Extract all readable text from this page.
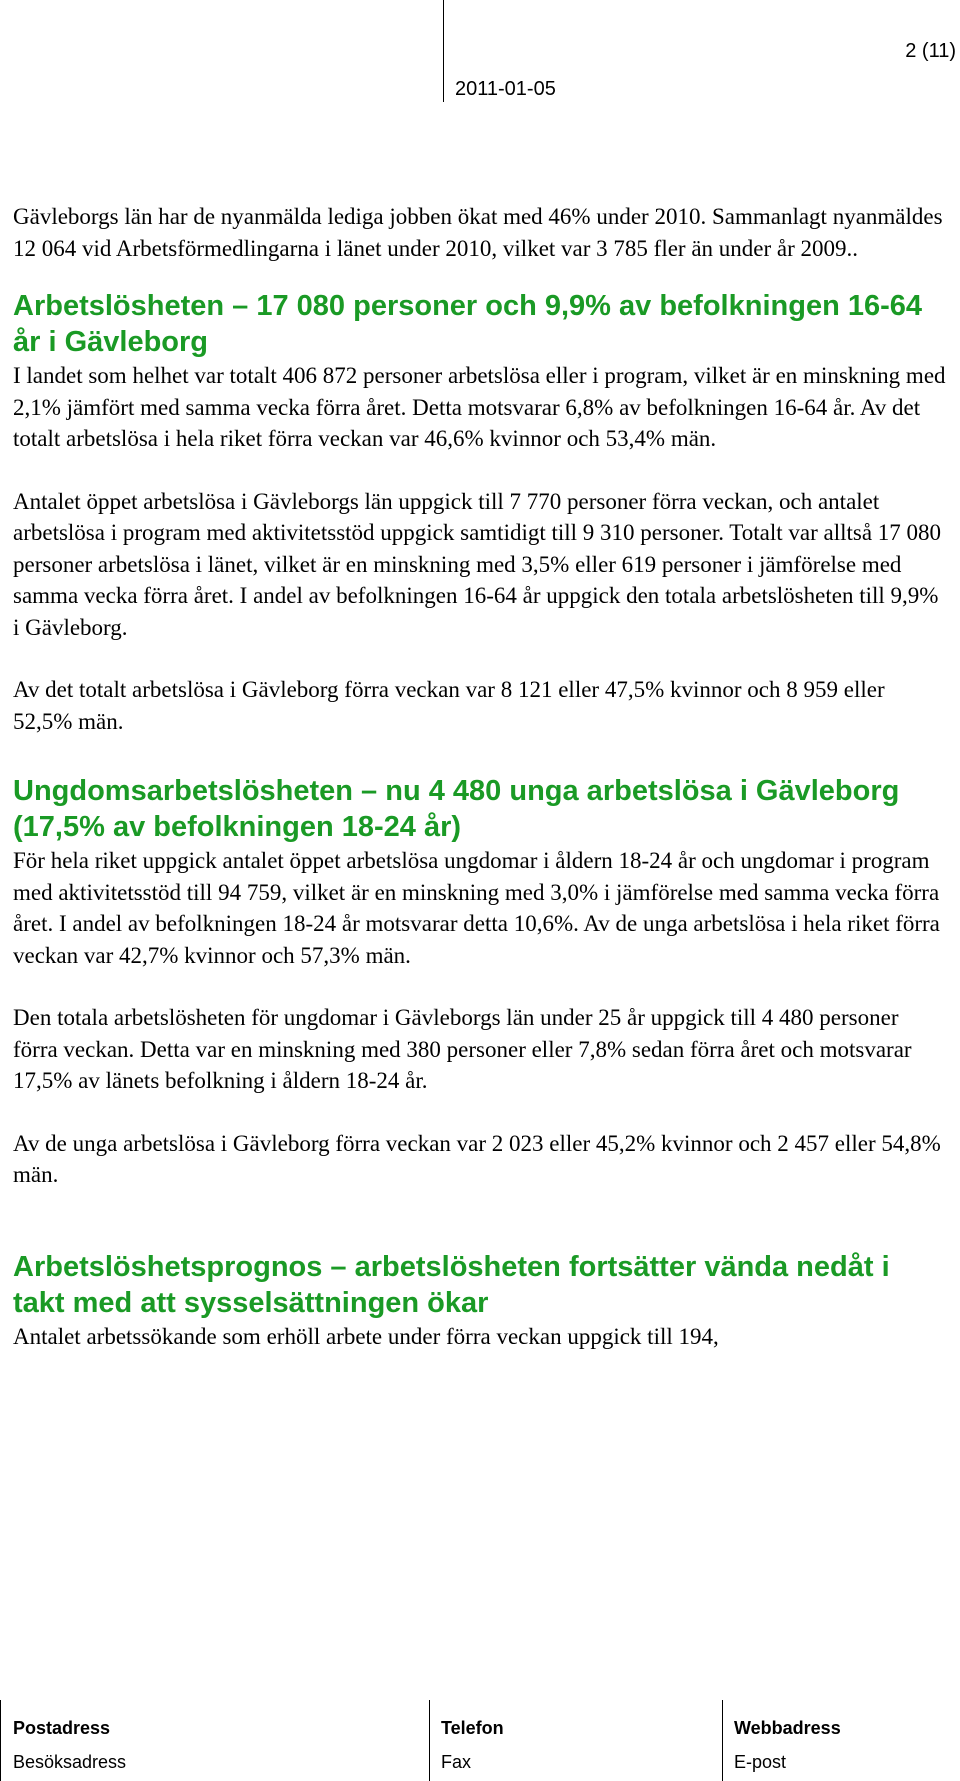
2 (11)
2011-01-05

Gävleborgs län har de nyanmälda lediga jobben ökat med 46% under 2010. Sammanlagt nyanmäldes 12 064 vid Arbetsförmedlingarna i länet under 2010, vilket var 3 785 fler än under år 2009..

Arbetslösheten – 17 080 personer och 9,9% av befolkningen 16-64 år i Gävleborg

I landet som helhet var totalt 406 872 personer arbetslösa eller i program, vilket är en minskning med 2,1% jämfört med samma vecka förra året. Detta motsvarar 6,8% av befolkningen 16-64 år. Av det totalt arbetslösa i hela riket förra veckan var 46,6% kvinnor och 53,4% män.

Antalet öppet arbetslösa i Gävleborgs län uppgick till 7 770 personer förra veckan, och antalet arbetslösa i program med aktivitetsstöd uppgick samtidigt till 9 310 personer. Totalt var alltså 17 080 personer arbetslösa i länet, vilket är en minskning med 3,5% eller 619 personer i jämförelse med samma vecka förra året. I andel av befolkningen 16-64 år uppgick den totala arbetslösheten till 9,9% i Gävleborg.

Av det totalt arbetslösa i Gävleborg förra veckan var 8 121 eller 47,5% kvinnor och 8 959 eller 52,5% män.

Ungdomsarbetslösheten – nu 4 480 unga arbetslösa i Gävleborg (17,5% av befolkningen 18-24 år)

För hela riket uppgick antalet öppet arbetslösa ungdomar i åldern 18-24 år och ungdomar i program med aktivitetsstöd till 94 759, vilket är en minskning med 3,0% i jämförelse med samma vecka förra året. I andel av befolkningen 18-24 år motsvarar detta 10,6%. Av de unga arbetslösa i hela riket förra veckan var 42,7% kvinnor och 57,3% män.

Den totala arbetslösheten för ungdomar i Gävleborgs län under 25 år uppgick till 4 480 personer förra veckan. Detta var en minskning med 380 personer eller 7,8% sedan förra året och motsvarar 17,5% av länets befolkning i åldern 18-24 år.

Av de unga arbetslösa i Gävleborg förra veckan var 2 023 eller 45,2% kvinnor och 2 457 eller 54,8% män.

Arbetslöshetsprognos – arbetslösheten fortsätter vända nedåt i takt med att sysselsättningen ökar

Antalet arbetssökande som erhöll arbete under förra veckan uppgick till 194,

Postadress
Besöksadress
Telefon
Fax
Webbadress
E-post
